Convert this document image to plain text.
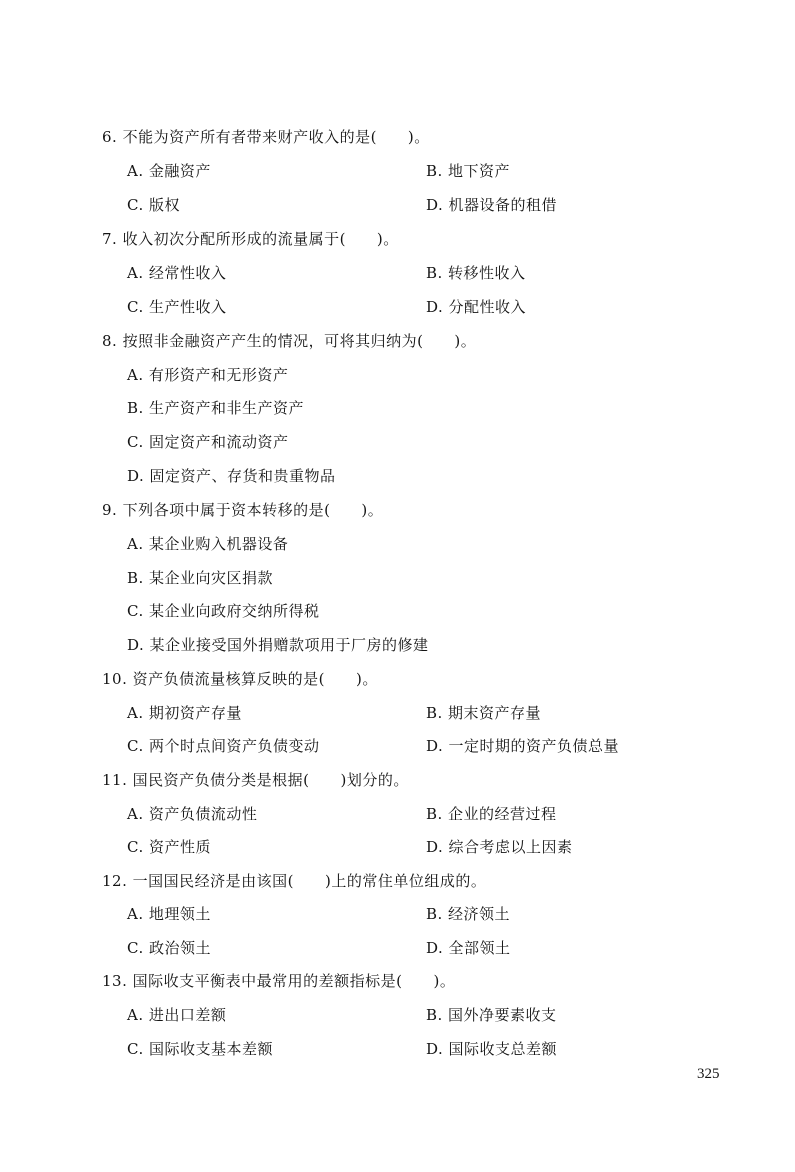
6. 不能为资产所有者带来财产收入的是(　　)。
A. 金融资产	B. 地下资产
C. 版权	D. 机器设备的租借
7. 收入初次分配所形成的流量属于(　　)。
A. 经常性收入	B. 转移性收入
C. 生产性收入	D. 分配性收入
8. 按照非金融资产产生的情况，可将其归纳为(　　)。
A. 有形资产和无形资产
B. 生产资产和非生产资产
C. 固定资产和流动资产
D. 固定资产、存货和贵重物品
9. 下列各项中属于资本转移的是(　　)。
A. 某企业购入机器设备
B. 某企业向灾区捐款
C. 某企业向政府交纳所得税
D. 某企业接受国外捐赠款项用于厂房的修建
10. 资产负债流量核算反映的是(　　)。
A. 期初资产存量	B. 期末资产存量
C. 两个时点间资产负债变动	D. 一定时期的资产负债总量
11. 国民资产负债分类是根据(　　)划分的。
A. 资产负债流动性	B. 企业的经营过程
C. 资产性质	D. 综合考虑以上因素
12. 一国国民经济是由该国(　　)上的常住单位组成的。
A. 地理领土	B. 经济领土
C. 政治领土	D. 全部领土
13. 国际收支平衡表中最常用的差额指标是(　　)。
A. 进出口差额	B. 国外净要素收支
C. 国际收支基本差额	D. 国际收支总差额
325
